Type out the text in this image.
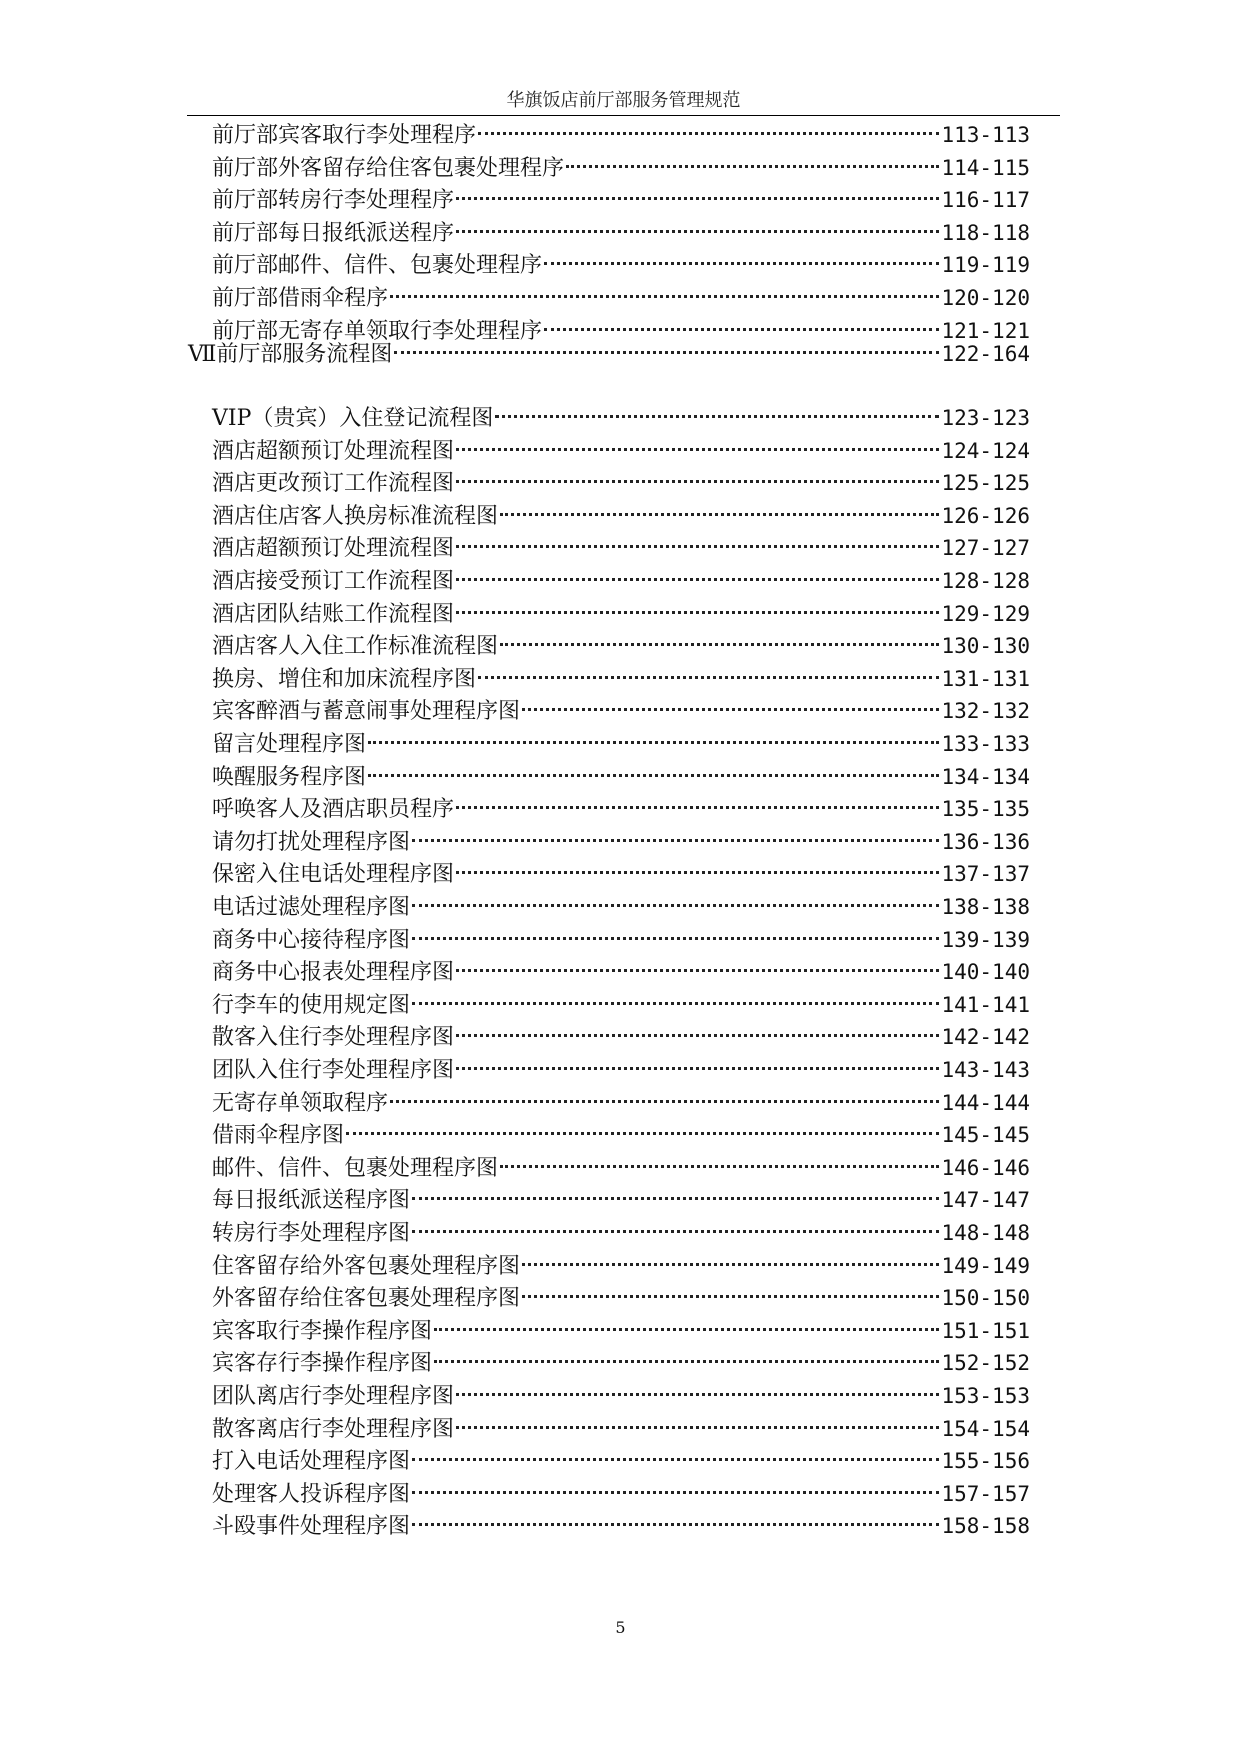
华旗饭店前厅部服务管理规范
前厅部宾客取行李处理程序	113-113
前厅部外客留存给住客包裹处理程序	114-115
前厅部转房行李处理程序	116-117
前厅部每日报纸派送程序	118-118
前厅部邮件、信件、包裹处理程序	119-119
前厅部借雨伞程序	120-120
前厅部无寄存单领取行李处理程序	121-121
Ⅶ前厅部服务流程图	122-164
VIP（贵宾）入住登记流程图	123-123
酒店超额预订处理流程图	124-124
酒店更改预订工作流程图	125-125
酒店住店客人换房标准流程图	126-126
酒店超额预订处理流程图	127-127
酒店接受预订工作流程图	128-128
酒店团队结账工作流程图	129-129
酒店客人入住工作标准流程图	130-130
换房、增住和加床流程序图	131-131
宾客醉酒与蓄意闹事处理程序图	132-132
留言处理程序图	133-133
唤醒服务程序图	134-134
呼唤客人及酒店职员程序	135-135
请勿打扰处理程序图	136-136
保密入住电话处理程序图	137-137
电话过滤处理程序图	138-138
商务中心接待程序图	139-139
商务中心报表处理程序图	140-140
行李车的使用规定图	141-141
散客入住行李处理程序图	142-142
团队入住行李处理程序图	143-143
无寄存单领取程序	144-144
借雨伞程序图	145-145
邮件、信件、包裹处理程序图	146-146
每日报纸派送程序图	147-147
转房行李处理程序图	148-148
住客留存给外客包裹处理程序图	149-149
外客留存给住客包裹处理程序图	150-150
宾客取行李操作程序图	151-151
宾客存行李操作程序图	152-152
团队离店行李处理程序图	153-153
散客离店行李处理程序图	154-154
打入电话处理程序图	155-156
处理客人投诉程序图	157-157
斗殴事件处理程序图	158-158
5
